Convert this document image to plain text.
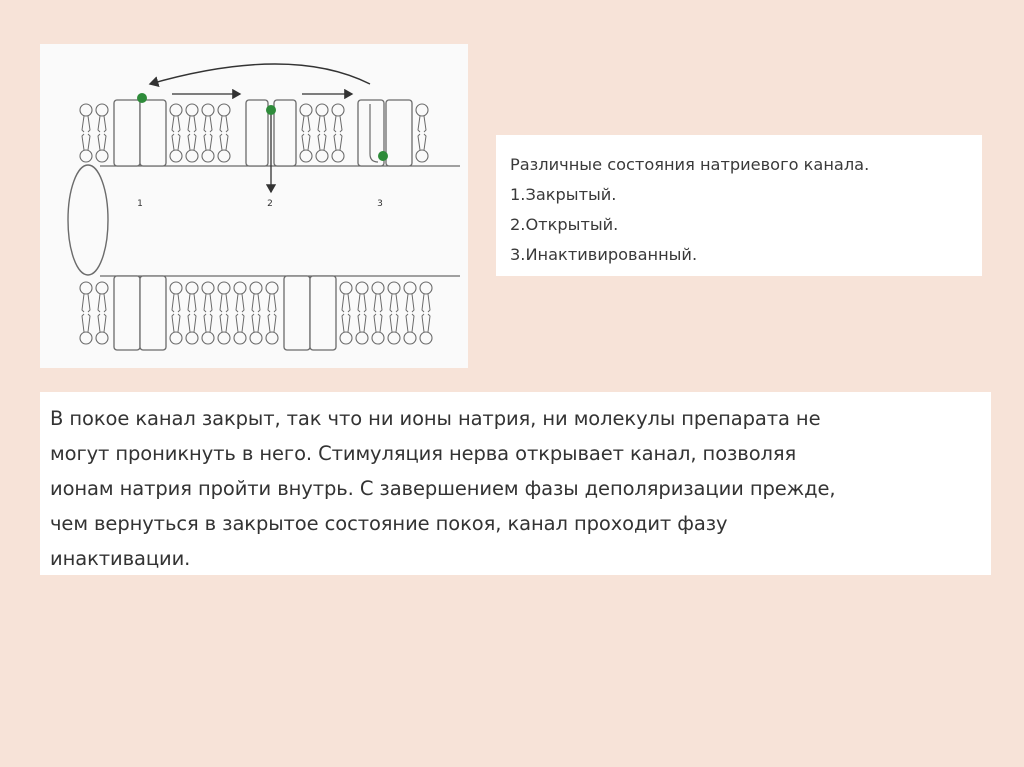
1	2	3
Различные состояния натриевого канала.
1.Закрытый.
2.Открытый.
3.Инактивированный.
В покое канал закрыт, так что ни ионы натрия, ни молекулы препарата не
могут проникнуть в него. Стимуляция нерва открывает канал, позволяя
ионам натрия пройти внутрь. С завершением фазы деполяризации прежде,
чем вернуться в закрытое состояние покоя, канал проходит фазу
инактивации.
